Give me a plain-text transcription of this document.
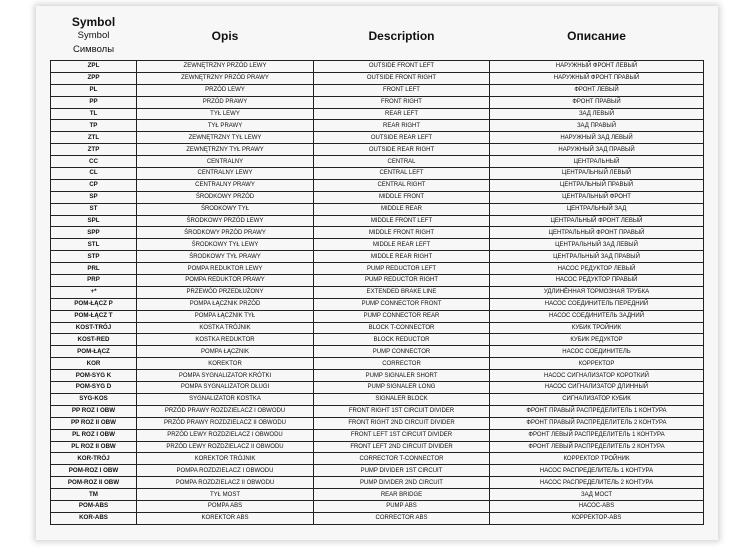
Symbol
Symbol
Символы	Opis	Description	Описание
ZPL	ZEWNĘTRZNY PRZÓD LEWY	OUTSIDE FRONT LEFT	НАРУЖНЫЙ ФРОНТ ЛЕВЫЙ
ZPP	ZEWNĘTRZNY PRZÓD PRAWY	OUTSIDE FRONT RIGHT	НАРУЖНЫЙ ФРОНТ ПРАВЫЙ
PL	PRZÓD LEWY	FRONT LEFT	ФРОНТ ЛЕВЫЙ
PP	PRZÓD PRAWY	FRONT RIGHT	ФРОНТ ПРАВЫЙ
TL	TYŁ LEWY	REAR LEFT	ЗАД ЛЕВЫЙ
TP	TYŁ PRAWY	REAR RIGHT	ЗАД ПРАВЫЙ
ZTL	ZEWNĘTRZNY TYŁ LEWY	OUTSIDE REAR LEFT	НАРУЖНЫЙ ЗАД ЛЕВЫЙ
ZTP	ZEWNĘTRZNY TYŁ PRAWY	OUTSIDE REAR RIGHT	НАРУЖНЫЙ ЗАД ПРАВЫЙ
CC	CENTRALNY	CENTRAL	ЦЕНТРАЛЬНЫЙ
CL	CENTRALNY LEWY	CENTRAL LEFT	ЦЕНТРАЛЬНЫЙ ЛЕВЫЙ
CP	CENTRALNY PRAWY	CENTRAL RIGHT	ЦЕНТРАЛЬНЫЙ ПРАВЫЙ
SP	ŚRODKOWY PRZÓD	MIDDLE FRONT	ЦЕНТРАЛЬНЫЙ ФРОНТ
ST	ŚRODKOWY TYŁ	MIDDLE REAR	ЦЕНТРАЛЬНЫЙ ЗАД
SPL	ŚRODKOWY PRZÓD LEWY	MIDDLE FRONT LEFT	ЦЕНТРАЛЬНЫЙ ФРОНТ ЛЕВЫЙ
SPP	ŚRODKOWY PRZÓD PRAWY	MIDDLE FRONT RIGHT	ЦЕНТРАЛЬНЫЙ ФРОНТ ПРАВЫЙ
STL	ŚRODKOWY TYŁ LEWY	MIDDLE REAR LEFT	ЦЕНТРАЛЬНЫЙ ЗАД ЛЕВЫЙ
STP	ŚRODKOWY TYŁ PRAWY	MIDDLE REAR RIGHT	ЦЕНТРАЛЬНЫЙ ЗАД ПРАВЫЙ
PRL	POMPA REDUKTOR LEWY	PUMP REDUCTOR LEFT	НАСОС РЕДУКТОР ЛЕВЫЙ
PRP	POMPA REDUKTOR PRAWY	PUMP REDUCTOR RIGHT	НАСОС РЕДУКТОР ПРАВЫЙ
+*	PRZEWÓD PRZEDŁUŻONY	EXTENDED BRAKE LINE	УДЛИНЁННАЯ ТОРМОЗНАЯ ТРУБКА
POM-ŁĄCZ P	POMPA ŁĄCZNIK PRZÓD	PUMP CONNECTOR FRONT	НАСОС СОЕДИНИТЕЛЬ ПЕРЕДНИЙ
POM-ŁĄCZ T	POMPA ŁĄCZNIK TYŁ	PUMP CONNECTOR REAR	НАСОС СОЕДИНИТЕЛЬ ЗАДНИЙ
KOST-TRÓJ	KOSTKA TRÓJNIK	BLOCK T-CONNECTOR	КУБИК ТРОЙНИК
KOST-RED	KOSTKA REDUKTOR	BLOCK REDUCTOR	КУБИК РЕДУКТОР
POM-ŁĄCZ	POMPA ŁĄCZNIK	PUMP CONNECTOR	НАСОС СОЕДИНИТЕЛЬ
KOR	KOREKTOR	CORRECTOR	КОРРЕКТОР
POM-SYG K	POMPA SYGNALIZATOR KRÓTKI	PUMP SIGNALER SHORT	НАСОС СИГНАЛИЗАТОР КОРОТКИЙ
POM-SYG D	POMPA SYGNALIZATOR DŁUGI	PUMP SIGNALER LONG	НАСОС СИГНАЛИЗАТОР ДЛИННЫЙ
SYG-KOS	SYGNALIZATOR KOSTKA	SIGNALER BLOCK	СИГНАЛИЗАТОР КУБИК
PP ROZ I OBW	PRZÓD PRAWY ROZDZIELACZ I OBWODU	FRONT RIGHT 1ST CIRCUIT DIVIDER	ФРОНТ ПРАВЫЙ РАСПРЕДЕЛИТЕЛЬ 1 КОНТУРА
PP ROZ II OBW	PRZÓD PRAWY ROZDZIELACZ II OBWODU	FRONT RIGHT 2ND CIRCUIT DIVIDER	ФРОНТ ПРАВЫЙ РАСПРЕДЕЛИТЕЛЬ 2 КОНТУРА
PL ROZ I OBW	PRZÓD LEWY ROZDZIELACZ I OBWODU	FRONT LEFT 1ST CIRCUIT DIVIDER	ФРОНТ ЛЕВЫЙ РАСПРЕДЕЛИТЕЛЬ 1 КОНТУРА
PL ROZ II OBW	PRZÓD LEWY ROZDZIELACZ II OBWODU	FRONT LEFT 2ND CIRCUIT DIVIDER	ФРОНТ ЛЕВЫЙ РАСПРЕДЕЛИТЕЛЬ 2 КОНТУРА
KOR-TRÓJ	KOREKTOR TRÓJNIK	CORRECTOR T-CONNECTOR	КОРРЕКТОР ТРОЙНИК
POM-ROZ I OBW	POMPA ROZDZIELACZ I OBWODU	PUMP DIVIDER 1ST CIRCUIT	НАСОС РАСПРЕДЕЛИТЕЛЬ 1 КОНТУРА
POM-ROZ II OBW	POMPA ROZDZIELACZ II OBWODU	PUMP DIVIDER 2ND CIRCUIT	НАСОС РАСПРЕДЕЛИТЕЛЬ 2 КОНТУРА
TM	TYŁ MOST	REAR BRIDGE	ЗАД МОСТ
POM-ABS	POMPA ABS	PUMP ABS	НАСОС-ABS
KOR-ABS	KOREKTOR ABS	CORRECTOR ABS	КОРРЕКТОР-ABS
